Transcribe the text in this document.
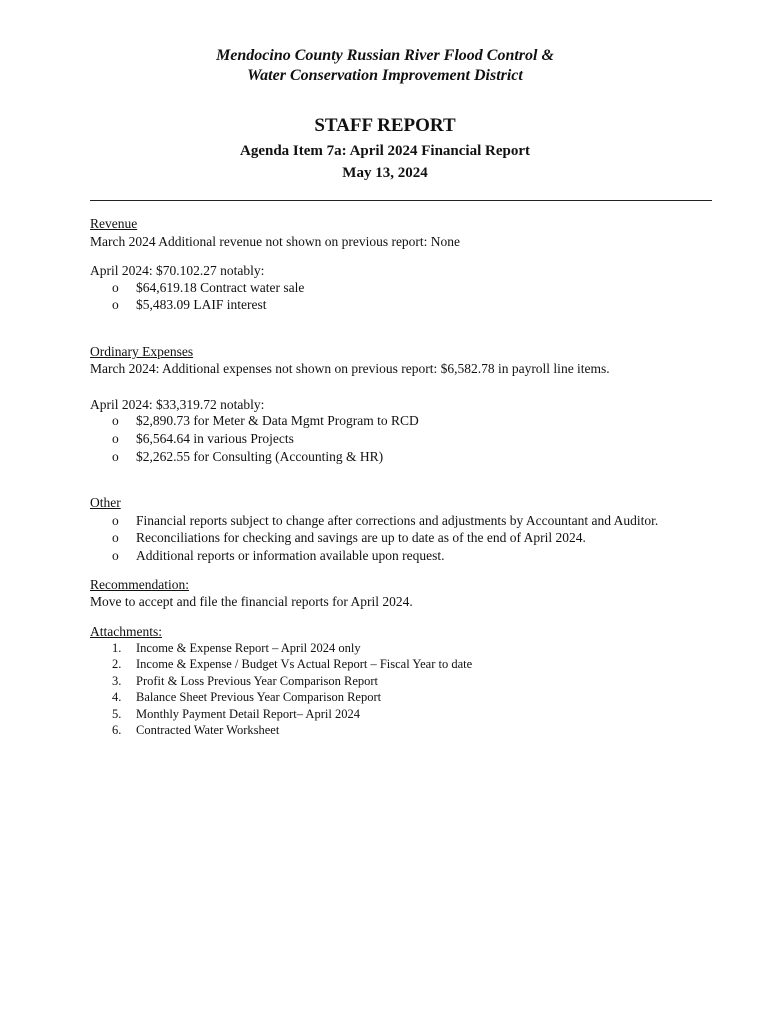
Mendocino County Russian River Flood Control &
Water Conservation Improvement District
STAFF REPORT
Agenda Item 7a: April 2024 Financial Report
May 13, 2024
Revenue
March 2024 Additional revenue not shown on previous report: None
April 2024: $70.102.27 notably:
o $64,619.18 Contract water sale
o $5,483.09 LAIF interest
Ordinary Expenses
March 2024: Additional expenses not shown on previous report: $6,582.78 in payroll line items.
April 2024: $33,319.72 notably:
o $2,890.73 for Meter & Data Mgmt Program to RCD
o $6,564.64 in various Projects
o $2,262.55 for Consulting (Accounting & HR)
Other
o Financial reports subject to change after corrections and adjustments by Accountant and Auditor.
o Reconciliations for checking and savings are up to date as of the end of April 2024.
o Additional reports or information available upon request.
Recommendation:
Move to accept and file the financial reports for April 2024.
Attachments:
1. Income & Expense Report – April 2024 only
2. Income & Expense / Budget Vs Actual Report – Fiscal Year to date
3. Profit & Loss Previous Year Comparison Report
4. Balance Sheet Previous Year Comparison Report
5. Monthly Payment Detail Report– April 2024
6. Contracted Water Worksheet
